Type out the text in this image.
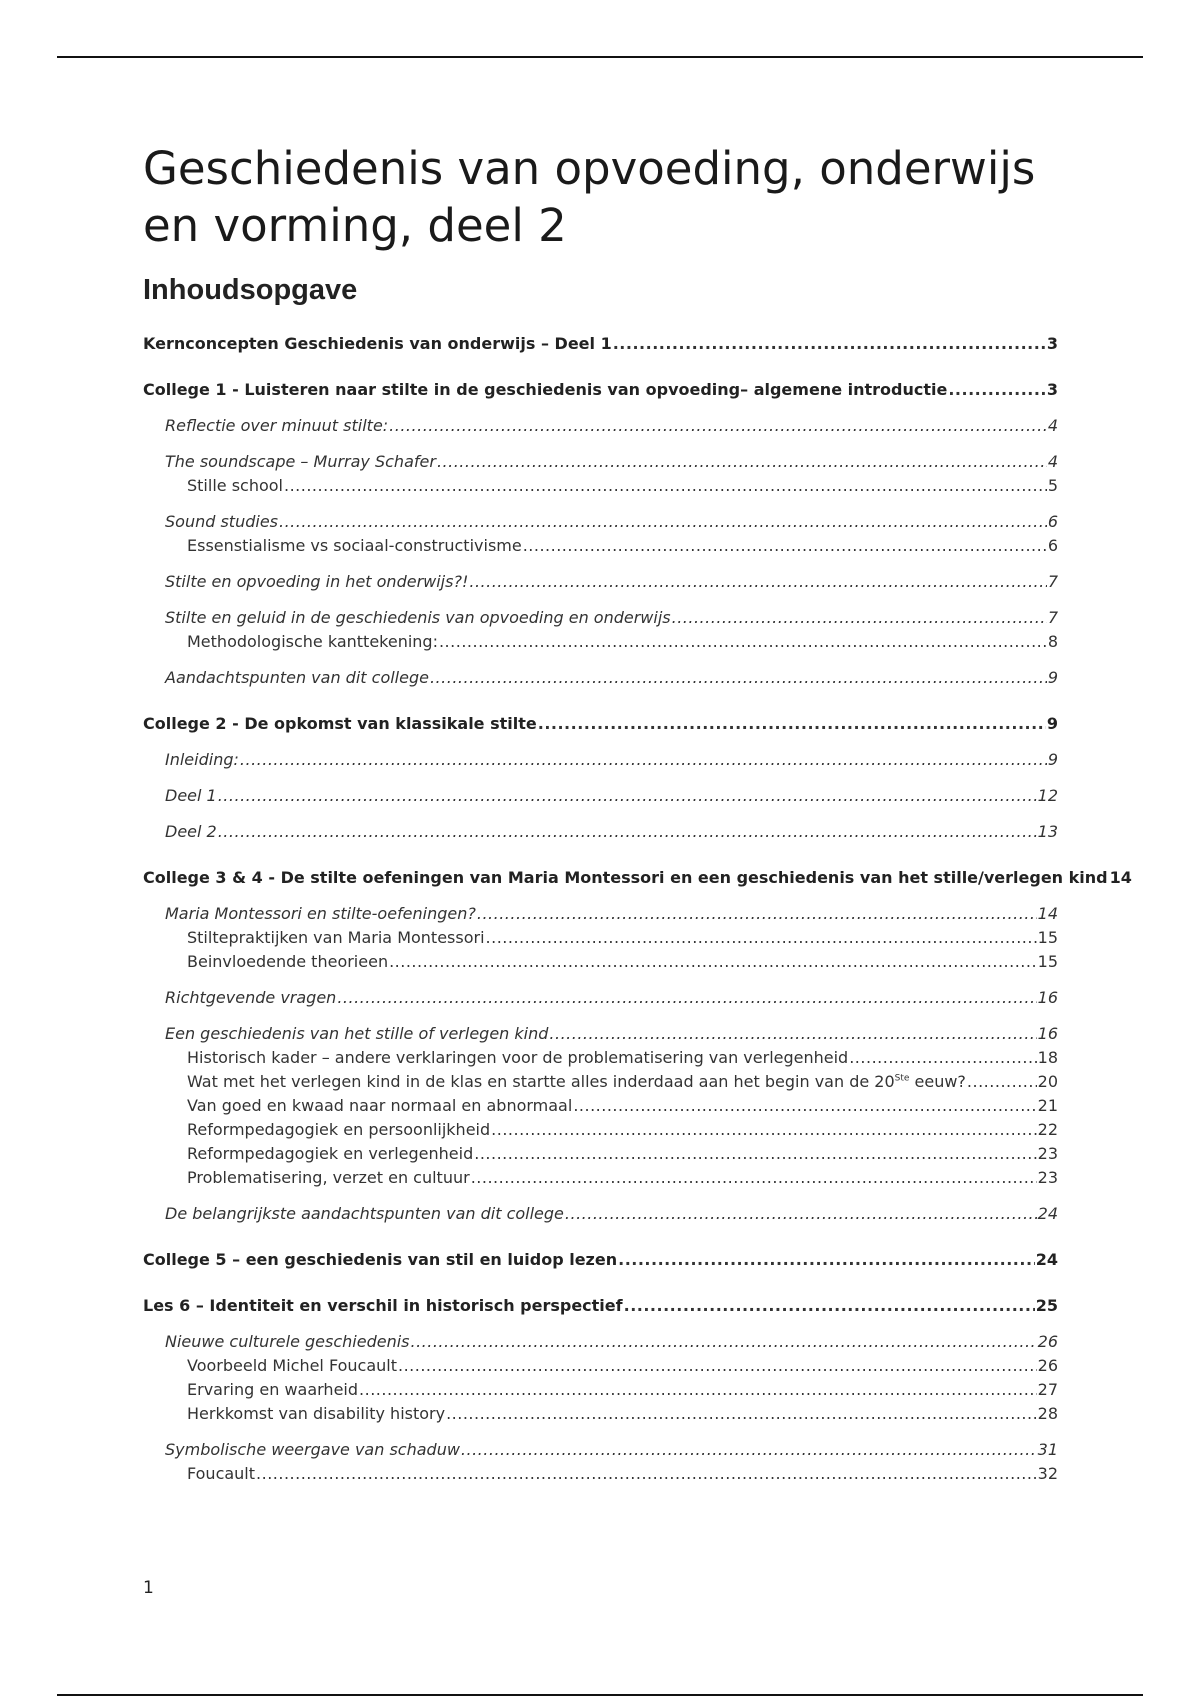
Geschiedenis van opvoeding, onderwijs en vorming, deel 2
Inhoudsopgave
Kernconcepten Geschiedenis van onderwijs – Deel 1 .....	3
College 1 - Luisteren naar stilte in de geschiedenis van opvoeding– algemene introductie .....	3
Reflectie over minuut stilte: .....	4
The soundscape – Murray Schafer .....	4
Stille school .....	5
Sound studies .....	6
Essenstialisme vs sociaal-constructivisme .....	6
Stilte en opvoeding in het onderwijs?! .....	7
Stilte en geluid in de geschiedenis van opvoeding en onderwijs .....	7
Methodologische kanttekening: .....	8
Aandachtspunten van dit college .....	9
College 2 - De opkomst van klassikale stilte .....	9
Inleiding: .....	9
Deel 1 .....	12
Deel 2 .....	13
College 3 & 4 - De stilte oefeningen van Maria Montessori en een geschiedenis van het stille/verlegen kind 14
Maria Montessori en stilte-oefeningen? .....	14
Stiltepraktijken van Maria Montessori .....	15
Beinvloedende theorieen .....	15
Richtgevende vragen .....	16
Een geschiedenis van het stille of verlegen kind .....	16
Historisch kader – andere verklaringen voor de problematisering van verlegenheid .....	18
Wat met het verlegen kind in de klas en startte alles inderdaad aan het begin van de 20Ste eeuw? .....	20
Van goed en kwaad naar normaal en abnormaal .....	21
Reformpedagogiek en persoonlijkheid .....	22
Reformpedagogiek en verlegenheid .....	23
Problematisering, verzet en cultuur .....	23
De belangrijkste aandachtspunten van dit college .....	24
College 5 – een geschiedenis van stil en luidop lezen .....	24
Les 6 – Identiteit en verschil in historisch perspectief .....	25
Nieuwe culturele geschiedenis .....	26
Voorbeeld Michel Foucault .....	26
Ervaring en waarheid .....	27
Herkkomst van disability history .....	28
Symbolische weergave van schaduw .....	31
Foucault .....	32
1
